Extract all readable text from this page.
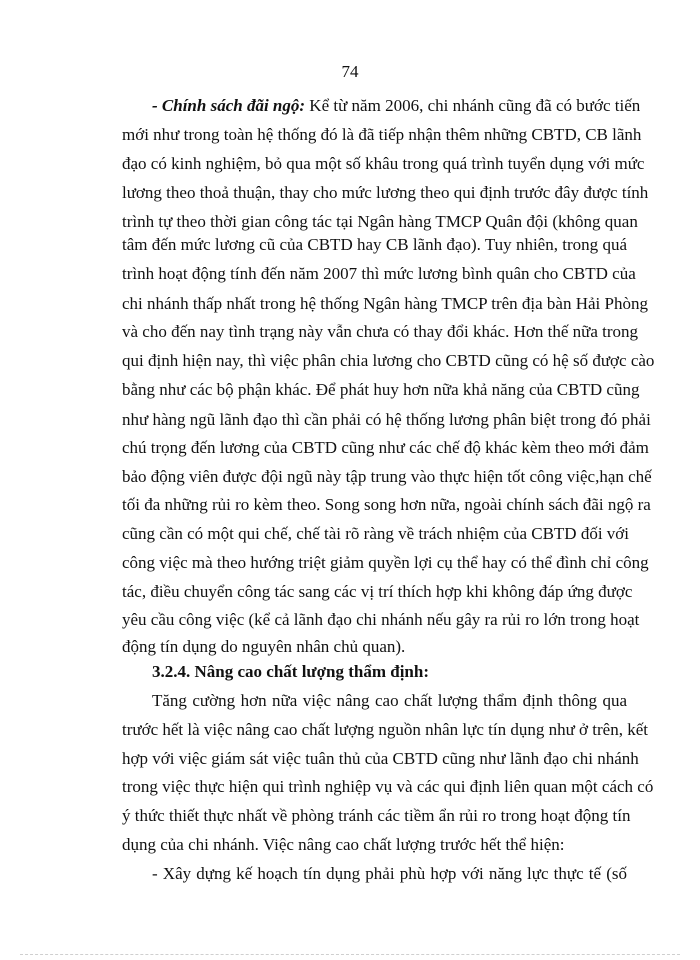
74
- Chính sách đãi ngộ: Kể từ năm 2006, chi nhánh cũng đã có bước tiến
mới như trong toàn hệ thống đó là đã tiếp nhận thêm những CBTD, CB lãnh
đạo có kinh nghiệm, bỏ qua một số khâu trong quá trình tuyển dụng với mức
lương theo thoả thuận, thay cho mức lương theo qui định trước đây được tính
trình tự theo thời gian công tác tại Ngân hàng TMCP Quân đội (không quan
tâm đến mức lương cũ của CBTD hay CB lãnh đạo). Tuy nhiên, trong quá
trình hoạt động tính đến năm 2007 thì mức lương bình quân cho CBTD của
chi nhánh thấp nhất trong hệ thống Ngân hàng TMCP trên địa bàn Hải Phòng
và cho đến nay tình trạng này vẫn chưa có thay đổi khác. Hơn thế nữa trong
qui định hiện nay, thì việc phân chia lương cho CBTD cũng có hệ số được cào
bằng như các bộ phận khác. Để phát huy hơn nữa khả năng của CBTD cũng
như hàng ngũ lãnh đạo thì cần phải có hệ thống lương phân biệt trong đó phải
chú trọng đến lương của CBTD cũng như các chế độ khác kèm theo mới đảm
bảo động viên được đội ngũ này tập trung vào thực hiện tốt công việc,hạn chế
tối đa những rủi ro kèm theo. Song song hơn nữa, ngoài chính sách đãi ngộ ra
cũng cần có một qui chế, chế tài rõ ràng về trách nhiệm của CBTD đối với
công việc mà theo hướng triệt giảm quyền lợi cụ thể hay có thể đình chỉ công
tác, điều chuyển công tác sang các vị trí thích hợp khi không đáp ứng được
yêu cầu công việc (kể cả lãnh đạo chi nhánh nếu gây ra rủi ro lớn trong hoạt
động tín dụng do nguyên nhân chủ quan).
3.2.4. Nâng cao chất lượng thẩm định:
Tăng cường hơn nữa việc nâng cao chất lượng thẩm định thông qua
trước hết là việc nâng cao chất lượng nguồn nhân lực tín dụng như ở trên, kết
hợp với việc giám sát việc tuân thủ của CBTD cũng như lãnh đạo chi nhánh
trong việc thực hiện qui trình nghiệp vụ và các qui định liên quan một cách có
ý thức thiết thực nhất về phòng tránh các tiềm ẩn rủi ro trong hoạt động tín
dụng của chi nhánh. Việc nâng cao chất lượng trước hết thể hiện:
- Xây dựng kế hoạch tín dụng phải phù hợp với năng lực thực tế (số
